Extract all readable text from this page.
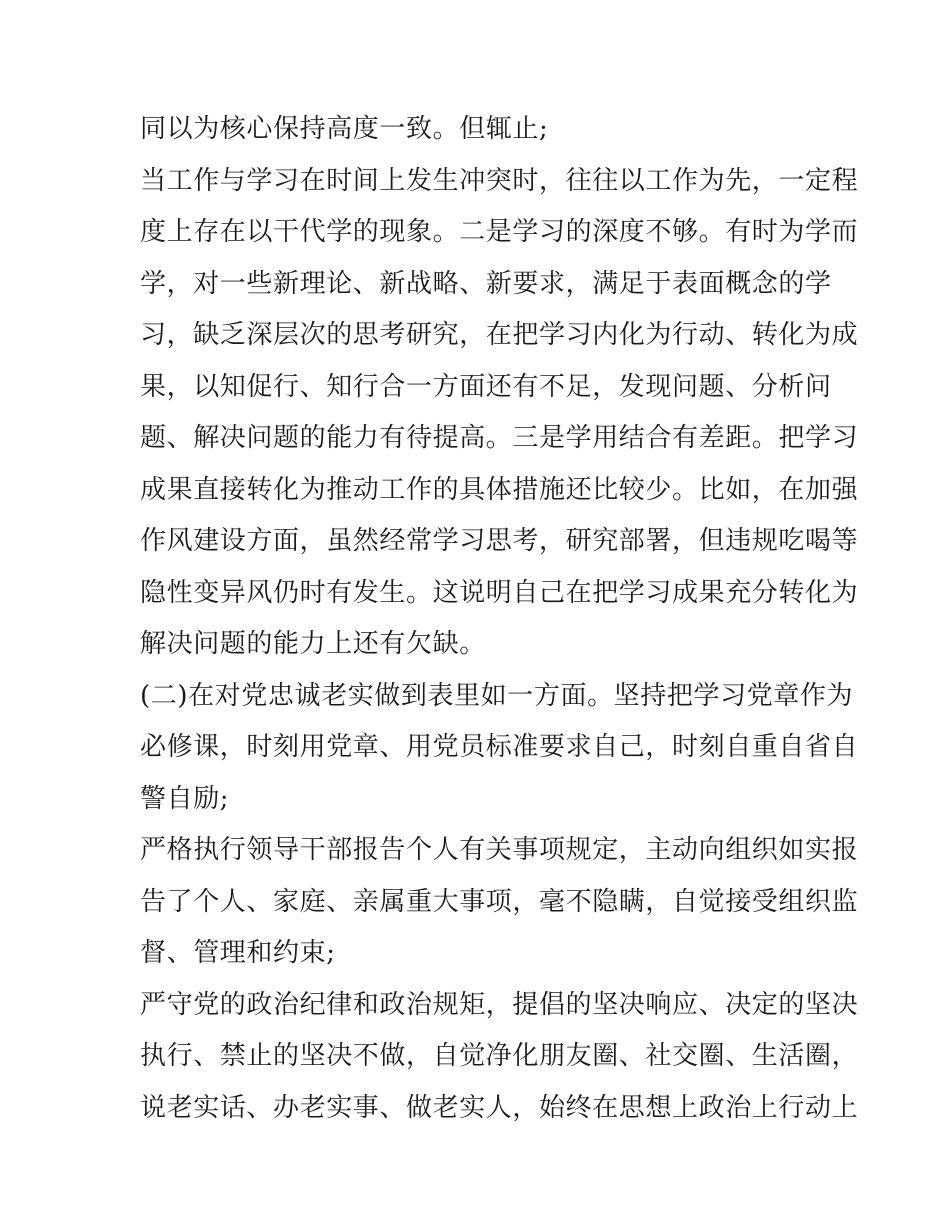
同以为核心保持高度一致。但辄止;
当工作与学习在时间上发生冲突时，往往以工作为先，一定程
度上存在以干代学的现象。二是学习的深度不够。有时为学而
学，对一些新理论、新战略、新要求，满足于表面概念的学
习，缺乏深层次的思考研究，在把学习内化为行动、转化为成
果，以知促行、知行合一方面还有不足，发现问题、分析问
题、解决问题的能力有待提高。三是学用结合有差距。把学习
成果直接转化为推动工作的具体措施还比较少。比如，在加强
作风建设方面，虽然经常学习思考，研究部署，但违规吃喝等
隐性变异风仍时有发生。这说明自己在把学习成果充分转化为
解决问题的能力上还有欠缺。
(二)在对党忠诚老实做到表里如一方面。坚持把学习党章作为
必修课，时刻用党章、用党员标准要求自己，时刻自重自省自
警自励;
严格执行领导干部报告个人有关事项规定，主动向组织如实报
告了个人、家庭、亲属重大事项，毫不隐瞒，自觉接受组织监
督、管理和约束;
严守党的政治纪律和政治规矩，提倡的坚决响应、决定的坚决
执行、禁止的坚决不做，自觉净化朋友圈、社交圈、生活圈，
说老实话、办老实事、做老实人，始终在思想上政治上行动上
